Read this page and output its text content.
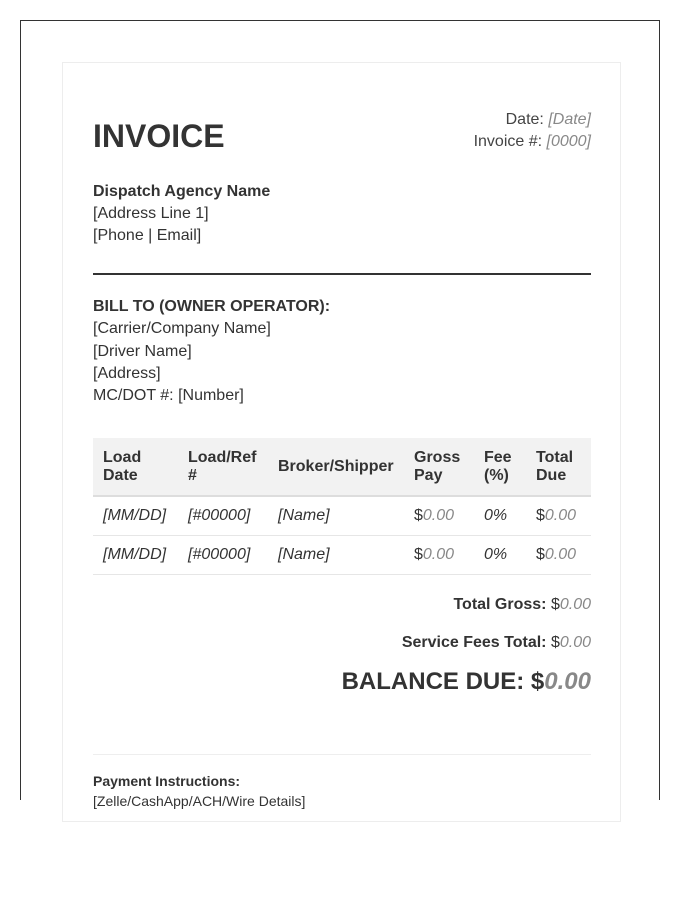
INVOICE	Date: [Date]
Invoice #: [0000]
Dispatch Agency Name
[Address Line 1]
[Phone | Email]
BILL TO (OWNER OPERATOR):
[Carrier/Company Name]
[Driver Name]
[Address]
MC/DOT #: [Number]
Load Date	Load/Ref #	Broker/Shipper	Gross Pay	Fee (%)	Total Due
[MM/DD]	[#00000]	[Name]	$0.00	0%	$0.00
[MM/DD]	[#00000]	[Name]	$0.00	0%	$0.00
Total Gross: $0.00
Service Fees Total: $0.00
BALANCE DUE: $0.00
Payment Instructions:
[Zelle/CashApp/ACH/Wire Details]
